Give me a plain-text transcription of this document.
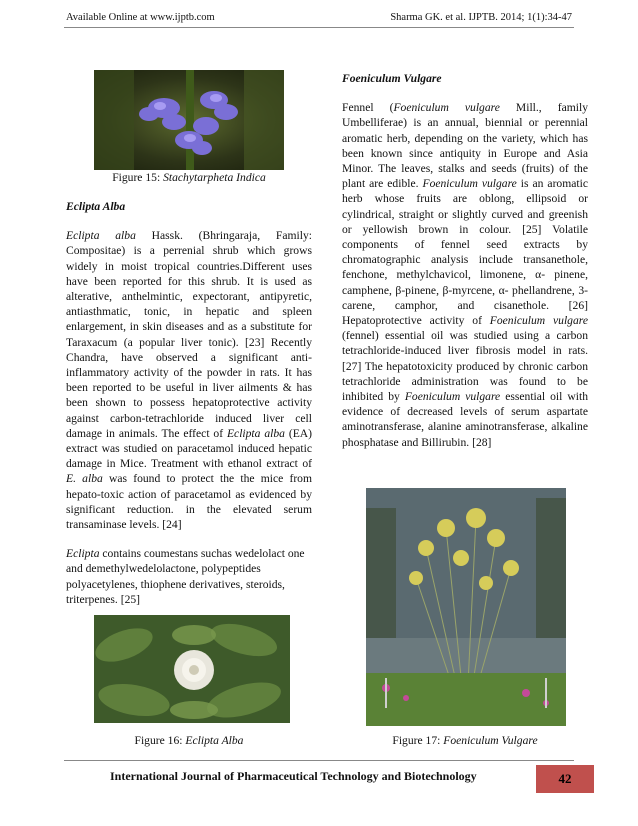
Available Online at www.ijptb.com	Sharma GK. et al. IJPTB. 2014; 1(1):34-47
Figure 15: Stachytarpheta Indica

Eclipta Alba

Eclipta alba Hassk. (Bhringaraja, Family: Compositae) is a perrenial shrub which grows widely in moist tropical countries.Different uses have been reported for this shrub. It is used as alterative, anthelmintic, expectorant, antipyretic, antiasthmatic, tonic, in hepatic and spleen enlargement, in skin diseases and as a substitute for Taraxacum (a popular liver tonic). [23] Recently Chandra, have observed a significant anti-inflammatory activity of the powder in rats. It has been reported to be useful in liver ailments & has been shown to possess hepatoprotective activity against carbon-tetrachloride induced liver cell damage in animals. The effect of Eclipta alba (EA) extract was studied on paracetamol induced hepatic damage in Mice. Treatment with ethanol extract of E. alba was found to protect the the mice from hepato-toxic action of paracetamol as evidenced by significant reduction. in the elevated serum transaminase levels. [24]

Eclipta contains coumestans suchas wedelolact one and demethylwedelolactone, polypeptides polyacetylenes, thiophene derivatives, steroids, triterpenes. [25]

Figure 16: Eclipta Alba

Foeniculum Vulgare

Fennel (Foeniculum vulgare Mill., family Umbelliferae) is an annual, biennial or perennial aromatic herb, depending on the variety, which has been known since antiquity in Europe and Asia Minor. The leaves, stalks and seeds (fruits) of the plant are edible. Foeniculum vulgare is an aromatic herb whose fruits are oblong, ellipsoid or cylindrical, straight or slightly curved and greenish or yellowish brown in colour. [25] Volatile components of fennel seed extracts by chromatographic analysis include transanethole, fenchone, methylchavicol, limonene, α- pinene, camphene, β-pinene, β-myrcene, α- phellandrene, 3-carene, camphor, and cisanethole. [26] Hepatoprotective activity of Foeniculum vulgare (fennel) essential oil was studied using a carbon tetrachloride-induced liver fibrosis model in rats. [27] The hepatotoxicity produced by chronic carbon tetrachloride administration was found to be inhibited by Foeniculum vulgare essential oil with evidence of decreased levels of serum aspartate aminotransferase, alanine aminotransferase, alkaline phosphatase and Billirubin. [28]

Figure 17: Foeniculum Vulgare
International Journal of Pharmaceutical Technology and Biotechnology	42
